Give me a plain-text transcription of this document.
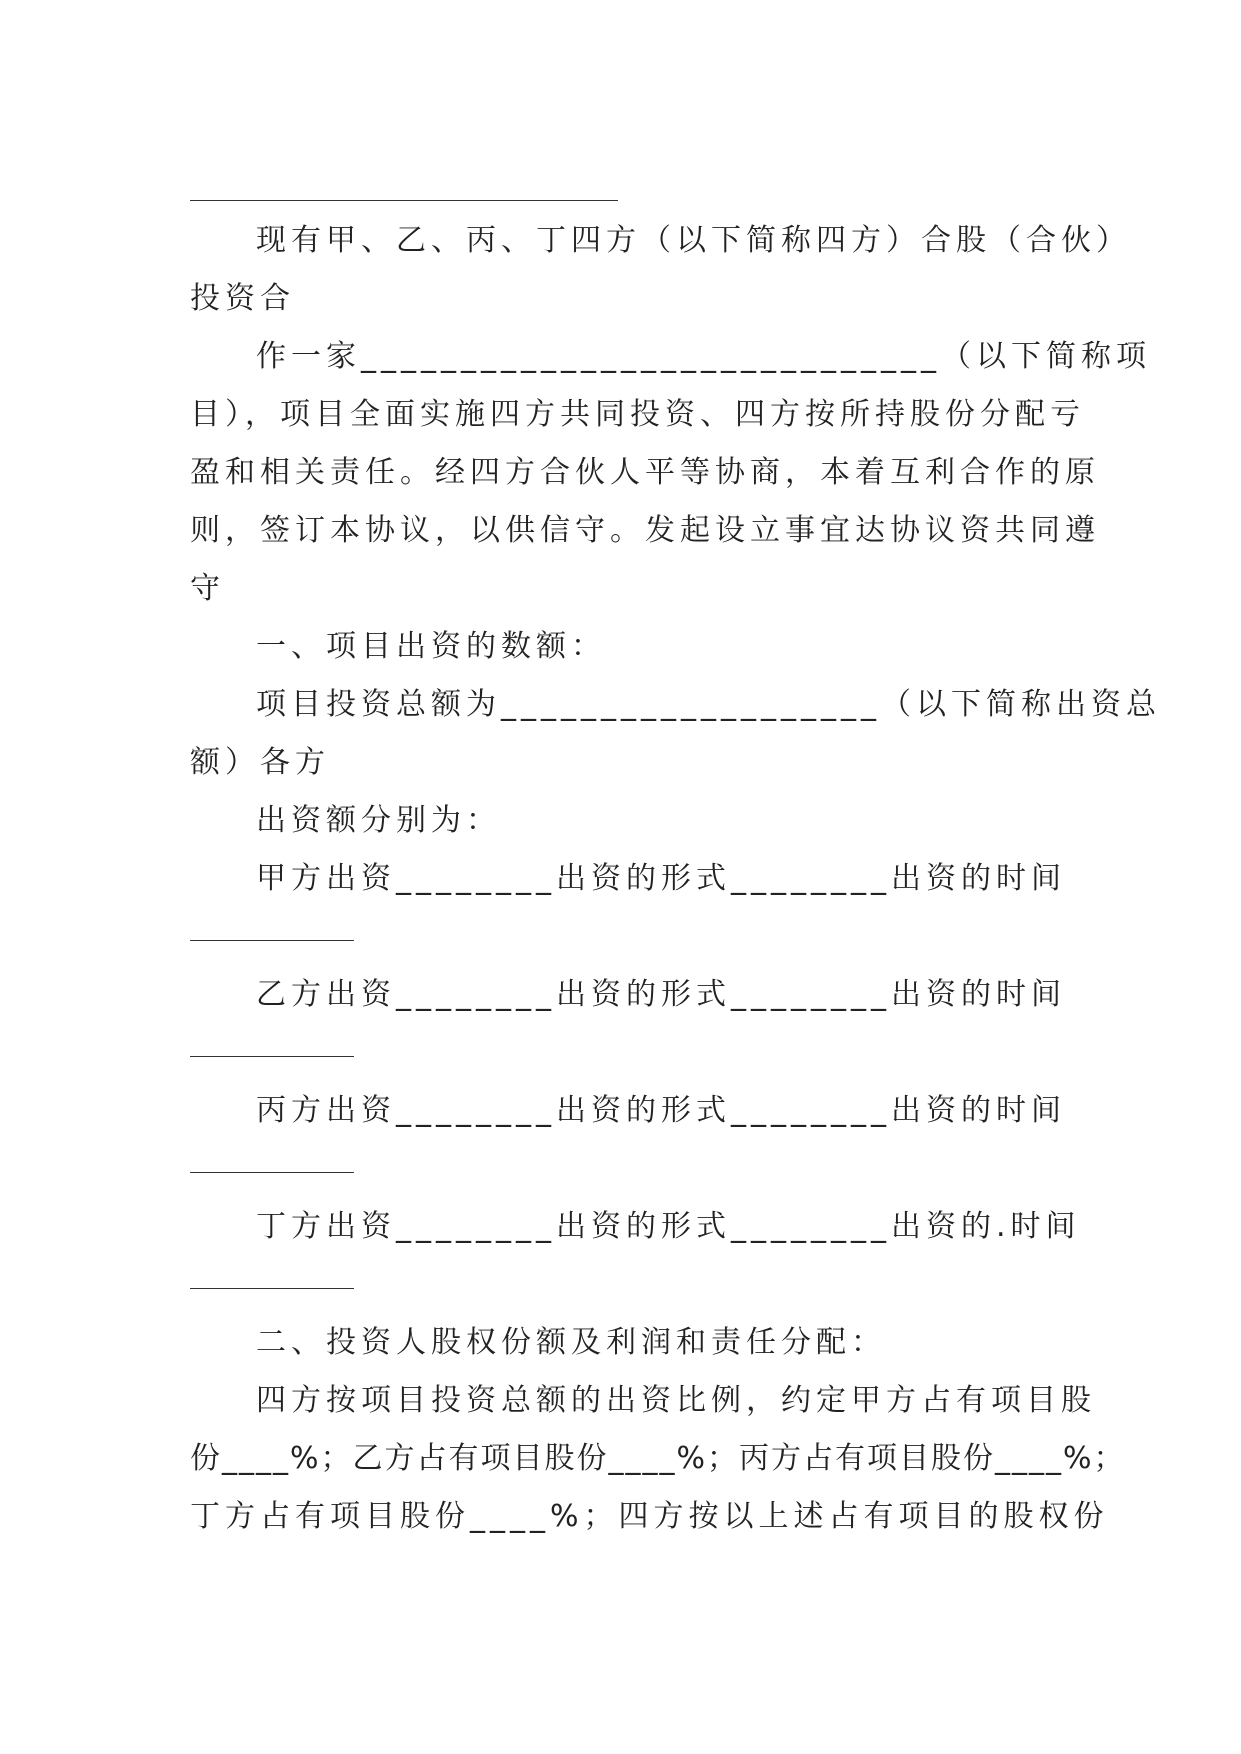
现有甲、乙、丙、丁四方（以下简称四方）合股（合伙）

投资合

作一家_____________________________（以下简称项

目），项目全面实施四方共同投资、四方按所持股份分配亏

盈和相关责任。经四方合伙人平等协商，本着互利合作的原

则，签订本协议，以供信守。发起设立事宜达协议资共同遵

守

一、项目出资的数额：

项目投资总额为___________________（以下简称出资总

额）各方

出资额分别为：

甲方出资________出资的形式________出资的时间

乙方出资________出资的形式________出资的时间

丙方出资________出资的形式________出资的时间

丁方出资________出资的形式________出资的.时间

二、投资人股权份额及利润和责任分配：

四方按项目投资总额的出资比例，约定甲方占有项目股

份____%；乙方占有项目股份____%；丙方占有项目股份____%；

丁方占有项目股份____%；四方按以上述占有项目的股权份
